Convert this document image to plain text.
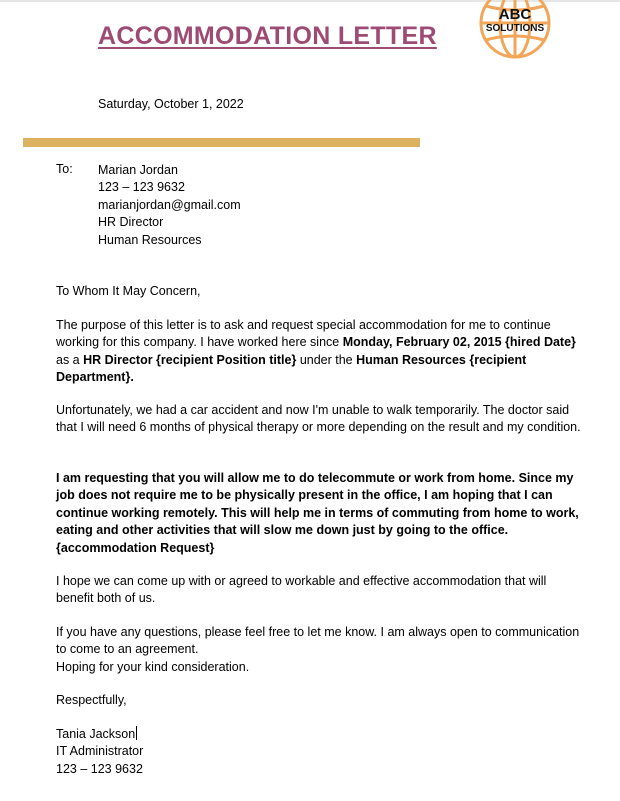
ACCOMMODATION LETTER
ABC
SOLUTIONS
Saturday, October 1, 2022
To: Marian Jordan
123 – 123 9632
marianjordan@gmail.com
HR Director
Human Resources
To Whom It May Concern,
The purpose of this letter is to ask and request special accommodation for me to continue working for this company. I have worked here since Monday, February 02, 2015 {hired Date} as a HR Director {recipient Position title} under the Human Resources {recipient Department}.
Unfortunately, we had a car accident and now I'm unable to walk temporarily. The doctor said that I will need 6 months of physical therapy or more depending on the result and my condition.
I am requesting that you will allow me to do telecommute or work from home. Since my job does not require me to be physically present in the office, I am hoping that I can continue working remotely. This will help me in terms of commuting from home to work, eating and other activities that will slow me down just by going to the office. {accommodation Request}
I hope we can come up with or agreed to workable and effective accommodation that will benefit both of us.
If you have any questions, please feel free to let me know. I am always open to communication to come to an agreement.
Hoping for your kind consideration.
Respectfully,
Tania Jackson
IT Administrator
123 – 123 9632
